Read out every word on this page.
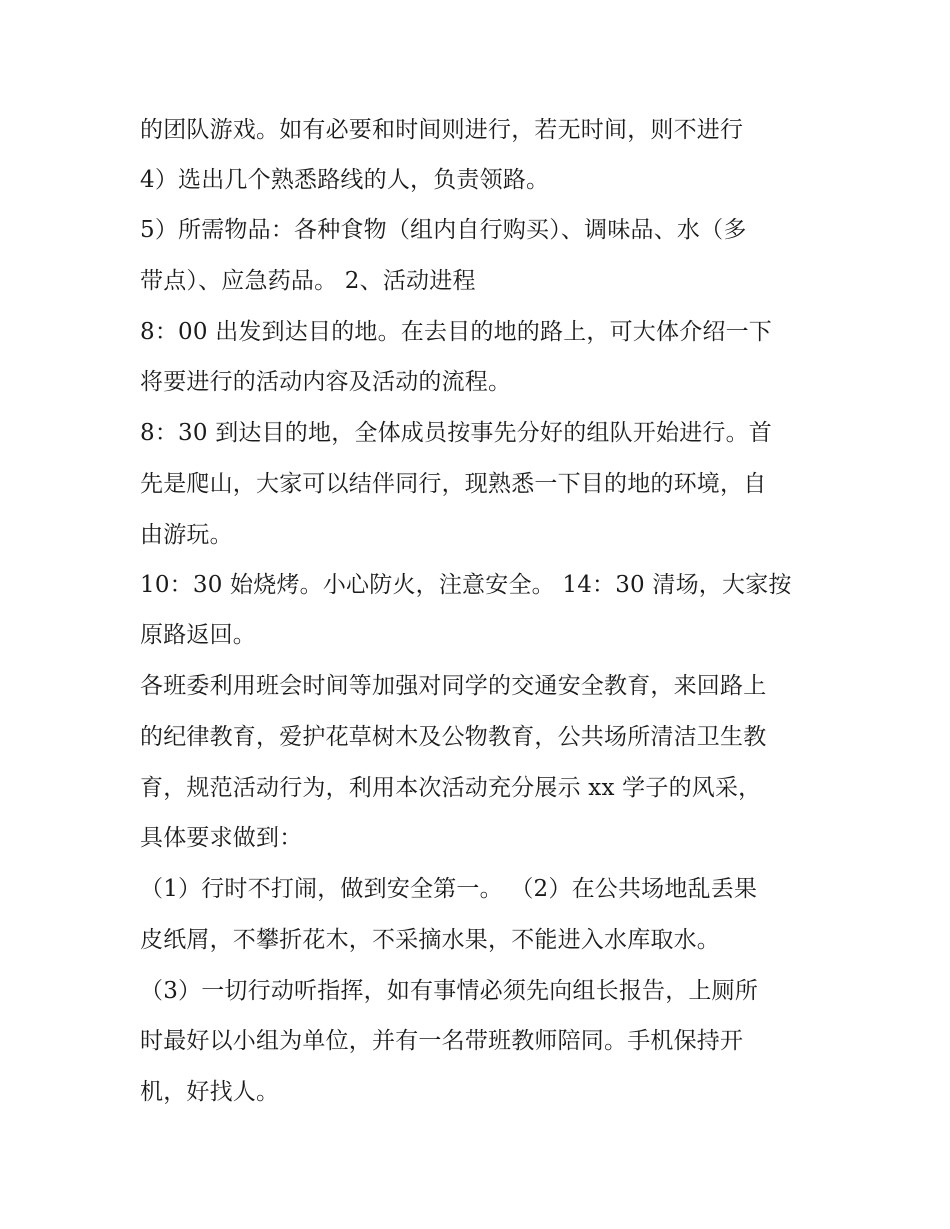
的团队游戏。如有必要和时间则进行，若无时间，则不进行
4）选出几个熟悉路线的人，负责领路。
5）所需物品：各种食物（组内自行购买）、调味品、水（多
带点）、应急药品。 2、活动进程
8：00 出发到达目的地。在去目的地的路上，可大体介绍一下
将要进行的活动内容及活动的流程。
8：30 到达目的地，全体成员按事先分好的组队开始进行。首
先是爬山，大家可以结伴同行，现熟悉一下目的地的环境，自
由游玩。
10：30 始烧烤。小心防火，注意安全。 14：30 清场，大家按
原路返回。
各班委利用班会时间等加强对同学的交通安全教育，来回路上
的纪律教育，爱护花草树木及公物教育，公共场所清洁卫生教
育，规范活动行为，利用本次活动充分展示 xx 学子的风采，
具体要求做到：
（1）行时不打闹，做到安全第一。 （2）在公共场地乱丢果
皮纸屑，不攀折花木，不采摘水果，不能进入水库取水。
（3）一切行动听指挥，如有事情必须先向组长报告，上厕所
时最好以小组为单位，并有一名带班教师陪同。手机保持开
机，好找人。
